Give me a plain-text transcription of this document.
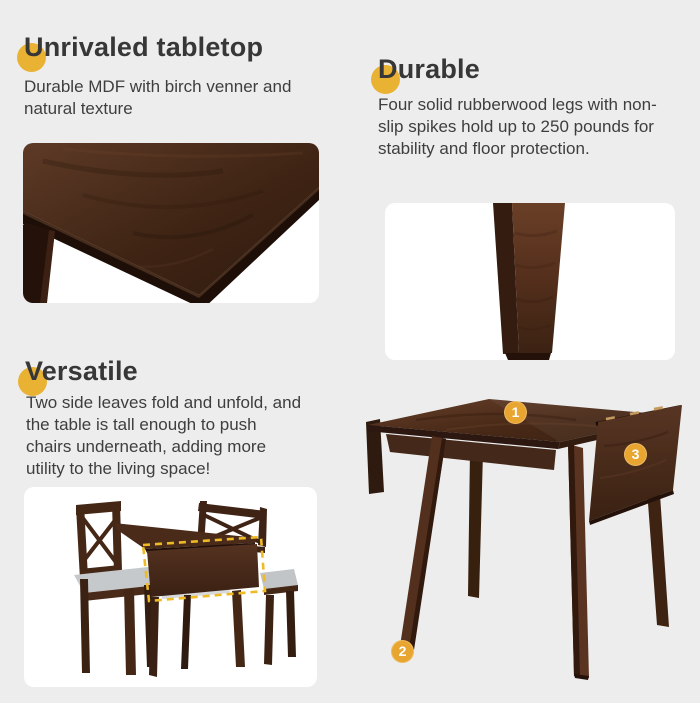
Unrivaled tabletop

Durable MDF with birch venner and natural texture

Durable

Four solid rubberwood legs with non-slip spikes hold up to 250 pounds for stability and floor protection.

Versatile

Two side leaves fold and unfold, and the table is tall enough to push chairs underneath, adding more utility to the living space!

1
2
3
